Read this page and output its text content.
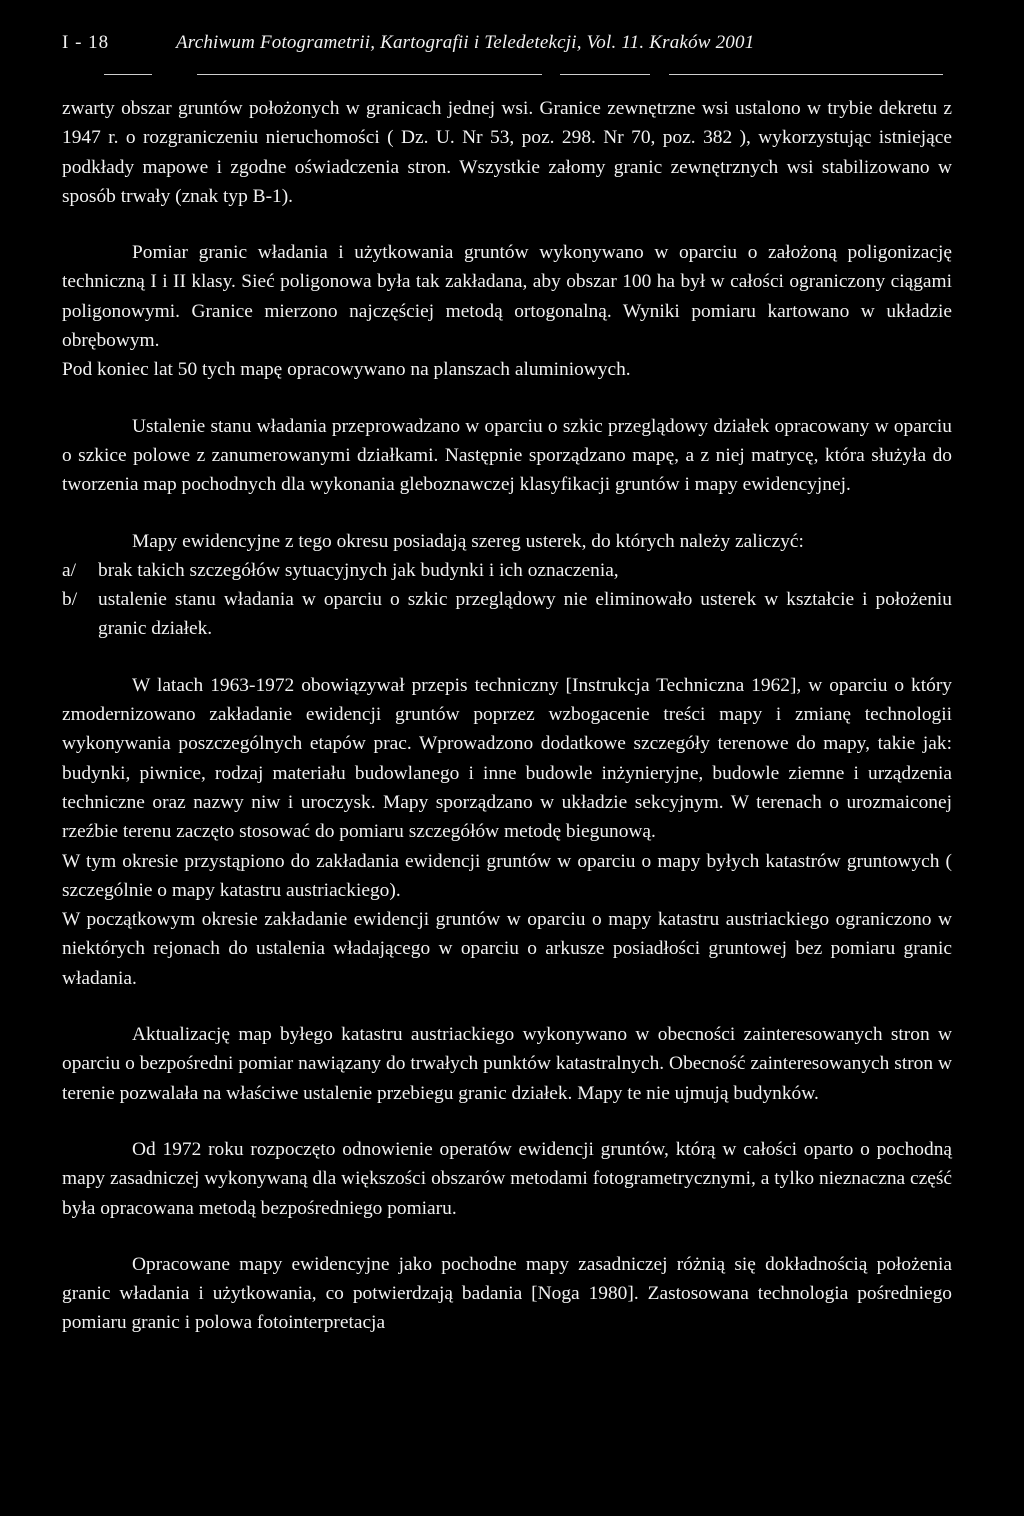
I - 18	Archiwum Fotogrametrii, Kartografii i Teledetekcji, Vol. 11. Kraków 2001

zwarty obszar gruntów położonych w granicach jednej wsi. Granice zewnętrzne wsi ustalono w trybie dekretu z 1947 r. o rozgraniczeniu nieruchomości ( Dz. U. Nr 53, poz. 298. Nr 70, poz. 382 ), wykorzystując istniejące podkłady mapowe i zgodne oświadczenia stron. Wszystkie załomy granic zewnętrznych wsi stabilizowano w sposób trwały (znak typ B-1).

Pomiar granic władania i użytkowania gruntów wykonywano w oparciu o założoną poligonizację techniczną I i II klasy. Sieć poligonowa była tak zakładana, aby obszar 100 ha był w całości ograniczony ciągami poligonowymi. Granice mierzono najczęściej metodą ortogonalną. Wyniki pomiaru kartowano w układzie obrębowym.

Pod koniec lat 50 tych mapę opracowywano na planszach aluminiowych.

Ustalenie stanu władania przeprowadzano w oparciu o szkic przeglądowy działek opracowany w oparciu o szkice polowe z zanumerowanymi działkami. Następnie sporządzano mapę, a z niej matrycę, która służyła do tworzenia map pochodnych dla wykonania gleboznawczej klasyfikacji gruntów i mapy ewidencyjnej.

Mapy ewidencyjne z tego okresu posiadają szereg usterek, do których należy zaliczyć:

a/ brak takich szczegółów sytuacyjnych jak budynki i ich oznaczenia,
b/ ustalenie stanu władania w oparciu o szkic przeglądowy nie eliminowało usterek w kształcie i położeniu granic działek.

W latach 1963-1972 obowiązywał przepis techniczny [Instrukcja Techniczna 1962], w oparciu o który zmodernizowano zakładanie ewidencji gruntów poprzez wzbogacenie treści mapy i zmianę technologii wykonywania poszczególnych etapów prac. Wprowadzono dodatkowe szczegóły terenowe do mapy, takie jak: budynki, piwnice, rodzaj materiału budowlanego i inne budowle inżynieryjne, budowle ziemne i urządzenia techniczne oraz nazwy niw i uroczysk. Mapy sporządzano w układzie sekcyjnym. W terenach o urozmaiconej rzeźbie terenu zaczęto stosować do pomiaru szczegółów metodę biegunową.

W tym okresie przystąpiono do zakładania ewidencji gruntów w oparciu o mapy byłych katastrów gruntowych ( szczególnie o mapy katastru austriackiego).

W początkowym okresie zakładanie ewidencji gruntów w oparciu o mapy katastru austriackiego ograniczono w niektórych rejonach do ustalenia władającego w oparciu o arkusze posiadłości gruntowej bez pomiaru granic władania.

Aktualizację map byłego katastru austriackiego wykonywano w obecności zainteresowanych stron w oparciu o bezpośredni pomiar nawiązany do trwałych punktów katastralnych. Obecność zainteresowanych stron w terenie pozwalała na właściwe ustalenie przebiegu granic działek. Mapy te nie ujmują budynków.

Od 1972 roku rozpoczęto odnowienie operatów ewidencji gruntów, którą w całości oparto o pochodną mapy zasadniczej wykonywaną dla większości obszarów metodami fotogrametrycznymi, a tylko nieznaczna część była opracowana metodą bezpośredniego pomiaru.

Opracowane mapy ewidencyjne jako pochodne mapy zasadniczej różnią się dokładnością położenia granic władania i użytkowania, co potwierdzają badania [Noga 1980]. Zastosowana technologia pośredniego pomiaru granic i polowa fotointerpretacja
